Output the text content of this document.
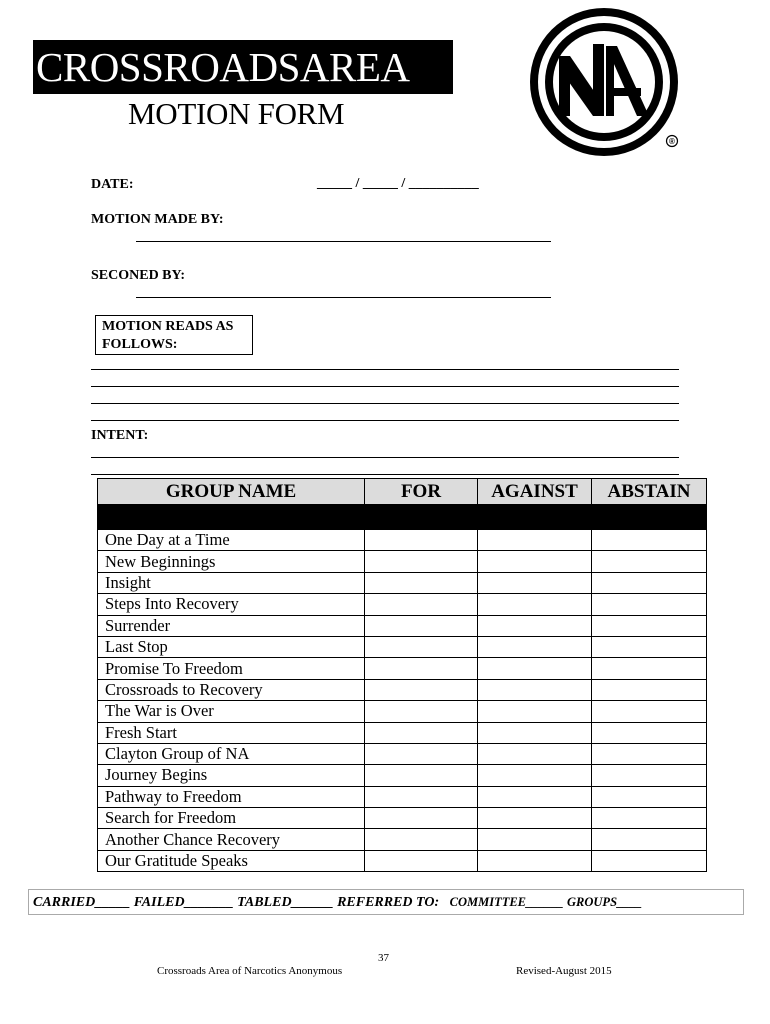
CROSSROADSAREA
MOTION FORM
®
DATE:	_____ / _____ / __________
MOTION MADE BY:
SECONED BY:
MOTION READS AS FOLLOWS:
INTENT:
GROUP NAME	FOR	AGAINST	ABSTAIN

One Day at a Time			
New Beginnings			
Insight			
Steps Into Recovery			
Surrender			
Last Stop			
Promise To Freedom			
Crossroads to Recovery			
The War is Over			
Fresh Start			
Clayton Group of NA			
Journey Begins			
Pathway to Freedom			
Search for Freedom			
Another Chance Recovery			
Our Gratitude Speaks			
CARRIED_____ FAILED_______ TABLED______ REFERRED TO: COMMITTEE______ GROUPS____
37
Crossroads Area of Narcotics Anonymous	Revised-August 2015
